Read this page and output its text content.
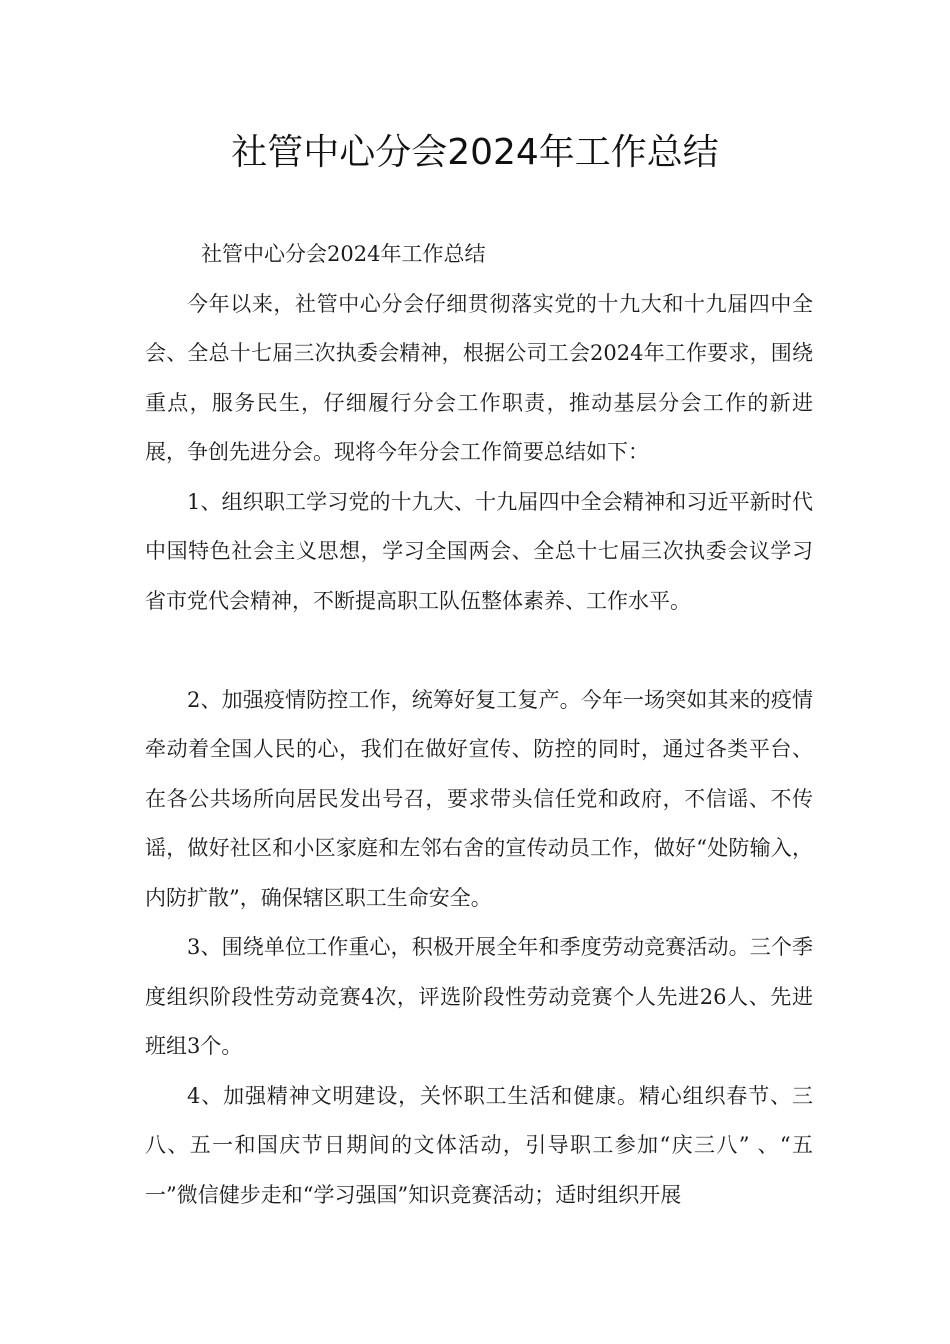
社管中心分会2024年工作总结

社管中心分会2024年工作总结

今年以来，社管中心分会仔细贯彻落实党的十九大和十九届四中全会、全总十七届三次执委会精神，根据公司工会2024年工作要求，围绕重点，服务民生，仔细履行分会工作职责，推动基层分会工作的新进展，争创先进分会。现将今年分会工作简要总结如下：

1、组织职工学习党的十九大、十九届四中全会精神和习近平新时代中国特色社会主义思想，学习全国两会、全总十七届三次执委会议学习省市党代会精神，不断提高职工队伍整体素养、工作水平。

2、加强疫情防控工作，统筹好复工复产。今年一场突如其来的疫情牵动着全国人民的心，我们在做好宣传、防控的同时，通过各类平台、在各公共场所向居民发出号召，要求带头信任党和政府，不信谣、不传谣，做好社区和小区家庭和左邻右舍的宣传动员工作，做好“处防输入，内防扩散”，确保辖区职工生命安全。

3、围绕单位工作重心，积极开展全年和季度劳动竞赛活动。三个季度组织阶段性劳动竞赛4次，评选阶段性劳动竞赛个人先进26人、先进班组3个。

4、加强精神文明建设，关怀职工生活和健康。精心组织春节、三八、五一和国庆节日期间的文体活动，引导职工参加“庆三八” 、“五一”微信健步走和“学习强国”知识竞赛活动；适时组织开展
